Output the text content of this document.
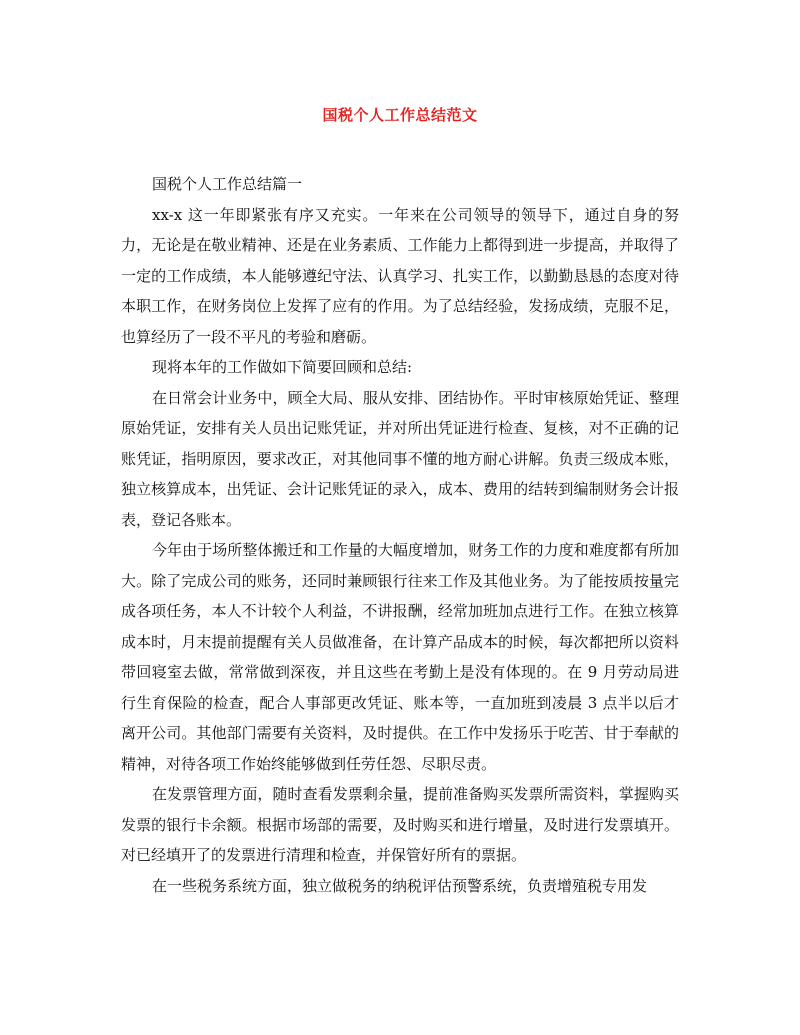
国税个人工作总结范文

国税个人工作总结篇一

xx-x 这一年即紧张有序又充实。一年来在公司领导的领导下，通过自身的努力，无论是在敬业精神、还是在业务素质、工作能力上都得到进一步提高，并取得了一定的工作成绩，本人能够遵纪守法、认真学习、扎实工作，以勤勤恳恳的态度对待本职工作，在财务岗位上发挥了应有的作用。为了总结经验，发扬成绩，克服不足，也算经历了一段不平凡的考验和磨砺。

现将本年的工作做如下简要回顾和总结:

在日常会计业务中，顾全大局、服从安排、团结协作。平时审核原始凭证、整理原始凭证，安排有关人员出记账凭证，并对所出凭证进行检查、复核，对不正确的记账凭证，指明原因，要求改正，对其他同事不懂的地方耐心讲解。负责三级成本账，独立核算成本，出凭证、会计记账凭证的录入，成本、费用的结转到编制财务会计报表，登记各账本。

今年由于场所整体搬迁和工作量的大幅度增加，财务工作的力度和难度都有所加大。除了完成公司的账务，还同时兼顾银行往来工作及其他业务。为了能按质按量完成各项任务，本人不计较个人利益，不讲报酬，经常加班加点进行工作。在独立核算成本时，月末提前提醒有关人员做准备，在计算产品成本的时候，每次都把所以资料带回寝室去做，常常做到深夜，并且这些在考勤上是没有体现的。在 9 月劳动局进行生育保险的检查，配合人事部更改凭证、账本等，一直加班到凌晨 3 点半以后才离开公司。其他部门需要有关资料，及时提供。在工作中发扬乐于吃苦、甘于奉献的精神，对待各项工作始终能够做到任劳任怨、尽职尽责。

在发票管理方面，随时查看发票剩余量，提前准备购买发票所需资料，掌握购买发票的银行卡余额。根据市场部的需要，及时购买和进行增量，及时进行发票填开。对已经填开了的发票进行清理和检查，并保管好所有的票据。

在一些税务系统方面，独立做税务的纳税评估预警系统，负责增殖税专用发
